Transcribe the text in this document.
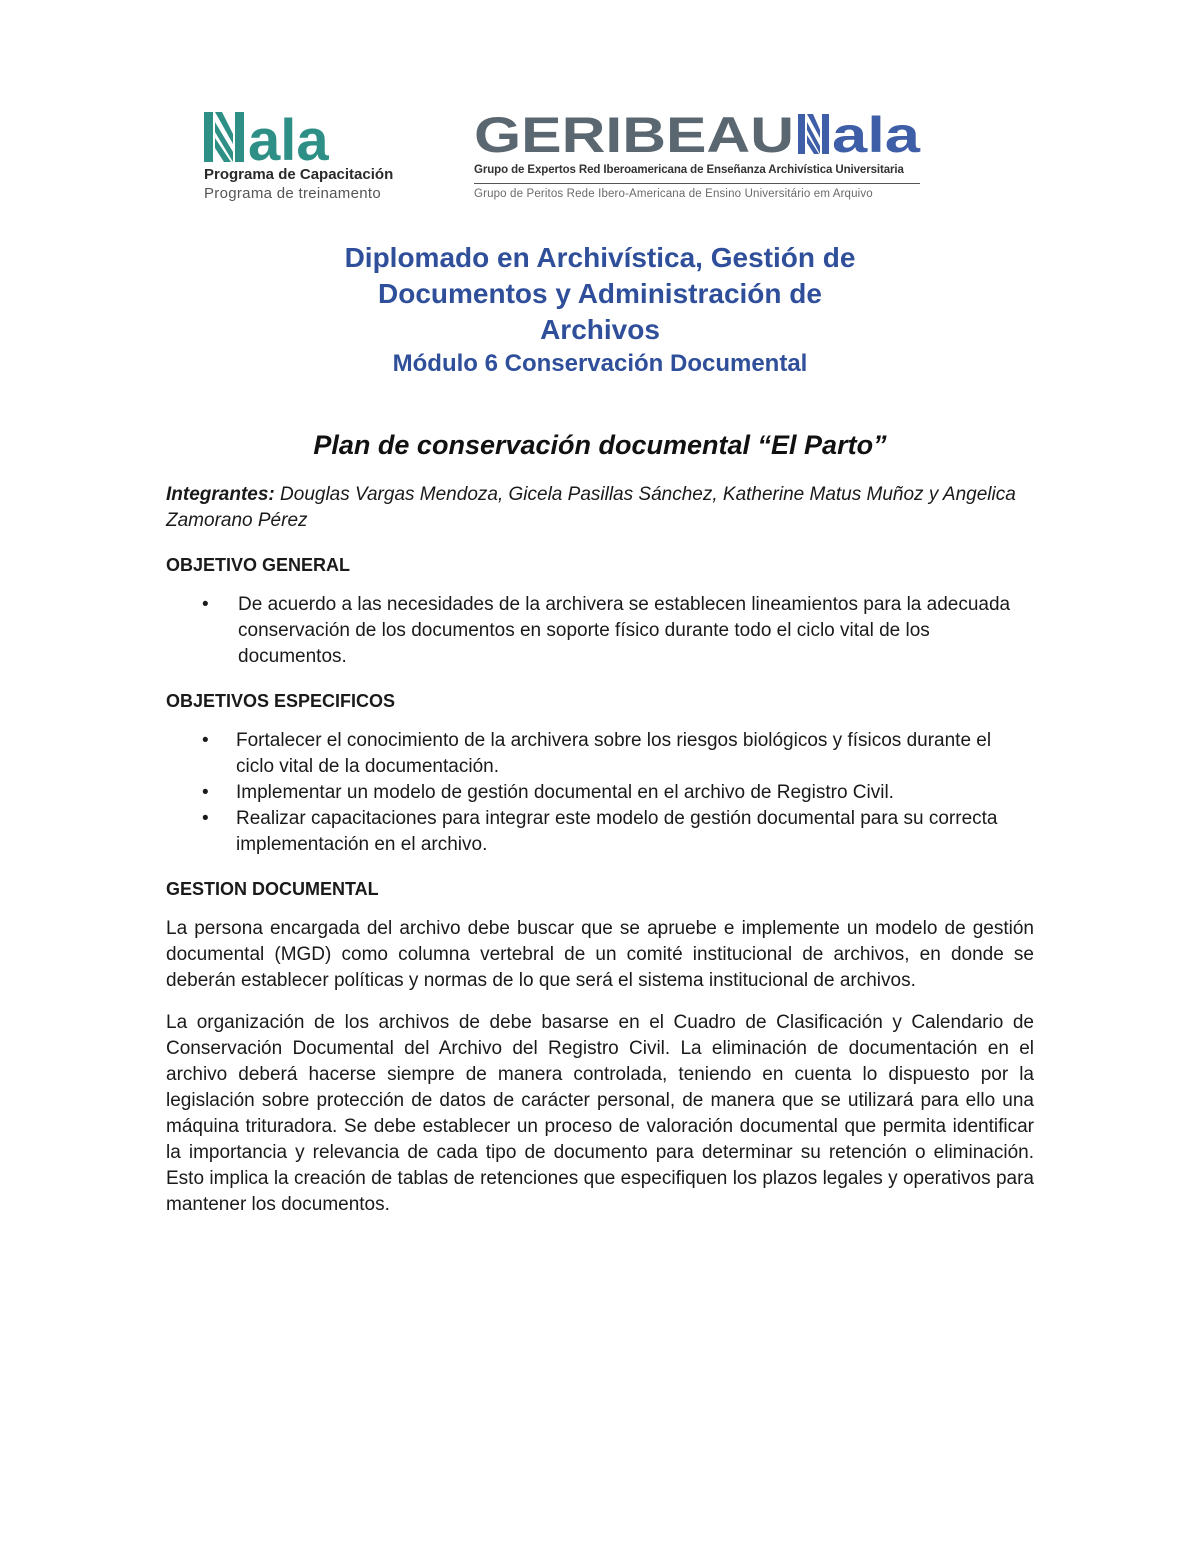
ala
Programa de Capacitación
Programa de treinamento
GERIBEAU ala
Grupo de Expertos Red Iberoamericana de Enseñanza Archivística Universitaria
Grupo de Peritos Rede Ibero-Americana de Ensino Universitário em Arquivo
Diplomado en Archivística, Gestión de
Documentos y Administración de
Archivos
Módulo 6 Conservación Documental
Plan de conservación documental “El Parto”

Integrantes: Douglas Vargas Mendoza, Gicela Pasillas Sánchez, Katherine Matus Muñoz y Angelica Zamorano Pérez

OBJETIVO GENERAL
• De acuerdo a las necesidades de la archivera se establecen lineamientos para la adecuada conservación de los documentos en soporte físico durante todo el ciclo vital de los documentos.
OBJETIVOS ESPECIFICOS
• Fortalecer el conocimiento de la archivera sobre los riesgos biológicos y físicos durante el ciclo vital de la documentación.
• Implementar un modelo de gestión documental en el archivo de Registro Civil.
• Realizar capacitaciones para integrar este modelo de gestión documental para su correcta implementación en el archivo.
GESTION DOCUMENTAL

La persona encargada del archivo debe buscar que se apruebe e implemente un modelo de gestión documental (MGD) como columna vertebral de un comité institucional de archivos, en donde se deberán establecer políticas y normas de lo que será el sistema institucional de archivos.

La organización de los archivos de debe basarse en el Cuadro de Clasificación y Calendario de Conservación Documental del Archivo del Registro Civil. La eliminación de documentación en el archivo deberá hacerse siempre de manera controlada, teniendo en cuenta lo dispuesto por la legislación sobre protección de datos de carácter personal, de manera que se utilizará para ello una máquina trituradora. Se debe establecer un proceso de valoración documental que permita identificar la importancia y relevancia de cada tipo de documento para determinar su retención o eliminación. Esto implica la creación de tablas de retenciones que especifiquen los plazos legales y operativos para mantener los documentos.
